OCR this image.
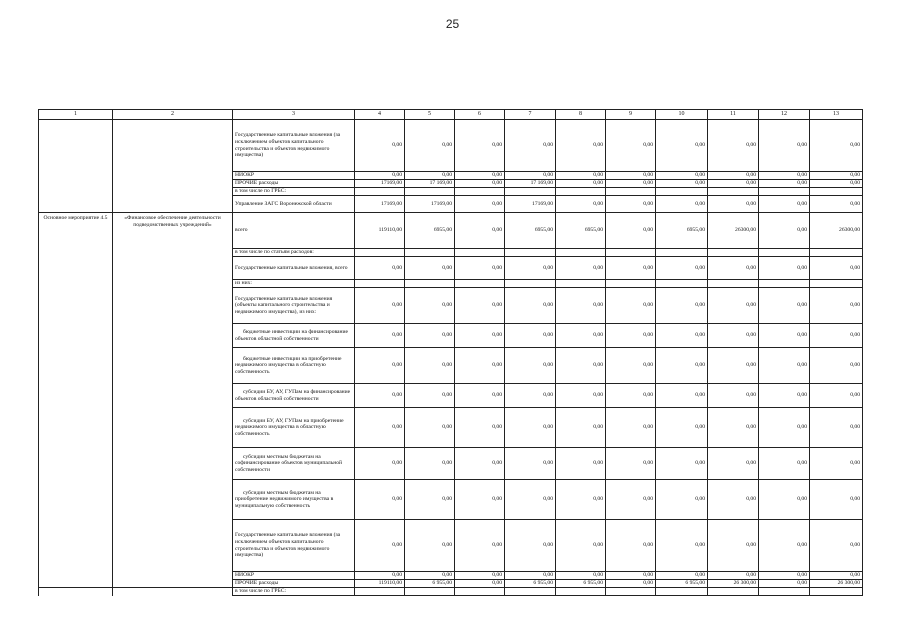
25
1	2	3	4	5	6	7	8	9	10	11	12	13
		Государственные капитальные вложения (за исключением объектов капитального строительства и объектов недвижимого имущества)	0,00	0,00	0,00	0,00	0,00	0,00	0,00	0,00	0,00	0,00
		НИОКР	0,00	0,00	0,00	0,00	0,00	0,00	0,00	0,00	0,00	0,00
		ПРОЧИЕ расходы	17169,00	17 169,00	0,00	17 169,00	0,00	0,00	0,00	0,00	0,00	0,00
		в том числе по ГРБС:										
		Управление ЗАГС Воронежской области	17169,00	17169,00	0,00	17169,00	0,00	0,00	0,00	0,00	0,00	0,00
Основное мероприятие 4.5	«Финансовое обеспечение деятельности подведомственных учреждений»	всего	119110,00	6955,00	0,00	6955,00	6955,00	0,00	6955,00	26300,00	0,00	26300,00
		в том числе по статьям расходов:										
		Государственные капитальные вложения, всего	0,00	0,00	0,00	0,00	0,00	0,00	0,00	0,00	0,00	0,00
		из них:										
		Государственные капитальные вложения (объекты капитального строительства и недвижимого имущества), из них:	0,00	0,00	0,00	0,00	0,00	0,00	0,00	0,00	0,00	0,00
		бюджетные инвестиции на финансирование объектов областной собственности	0,00	0,00	0,00	0,00	0,00	0,00	0,00	0,00	0,00	0,00
		бюджетные инвестиции на приобретение недвижимого имущества в областную собственность	0,00	0,00	0,00	0,00	0,00	0,00	0,00	0,00	0,00	0,00
		субсидии БУ, АУ, ГУПам на финансирование объектов областной собственности	0,00	0,00	0,00	0,00	0,00	0,00	0,00	0,00	0,00	0,00
		субсидии БУ, АУ, ГУПам на приобретение недвижимого имущества в областную собственность	0,00	0,00	0,00	0,00	0,00	0,00	0,00	0,00	0,00	0,00
		субсидии местным бюджетам на софинансирование объектов муниципальной собственности	0,00	0,00	0,00	0,00	0,00	0,00	0,00	0,00	0,00	0,00
		субсидии местным бюджетам на приобретение недвижимого имущества в муниципальную собственность	0,00	0,00	0,00	0,00	0,00	0,00	0,00	0,00	0,00	0,00
		Государственные капитальные вложения (за исключением объектов капитального строительства и объектов недвижимого имущества)	0,00	0,00	0,00	0,00	0,00	0,00	0,00	0,00	0,00	0,00
		НИОКР	0,00	0,00	0,00	0,00	0,00	0,00	0,00	0,00	0,00	0,00
		ПРОЧИЕ расходы	119110,00	6 955,00	0,00	6 955,00	6 955,00	0,00	6 955,00	26 300,00	0,00	26 300,00
		в том числе по ГРБС:										
